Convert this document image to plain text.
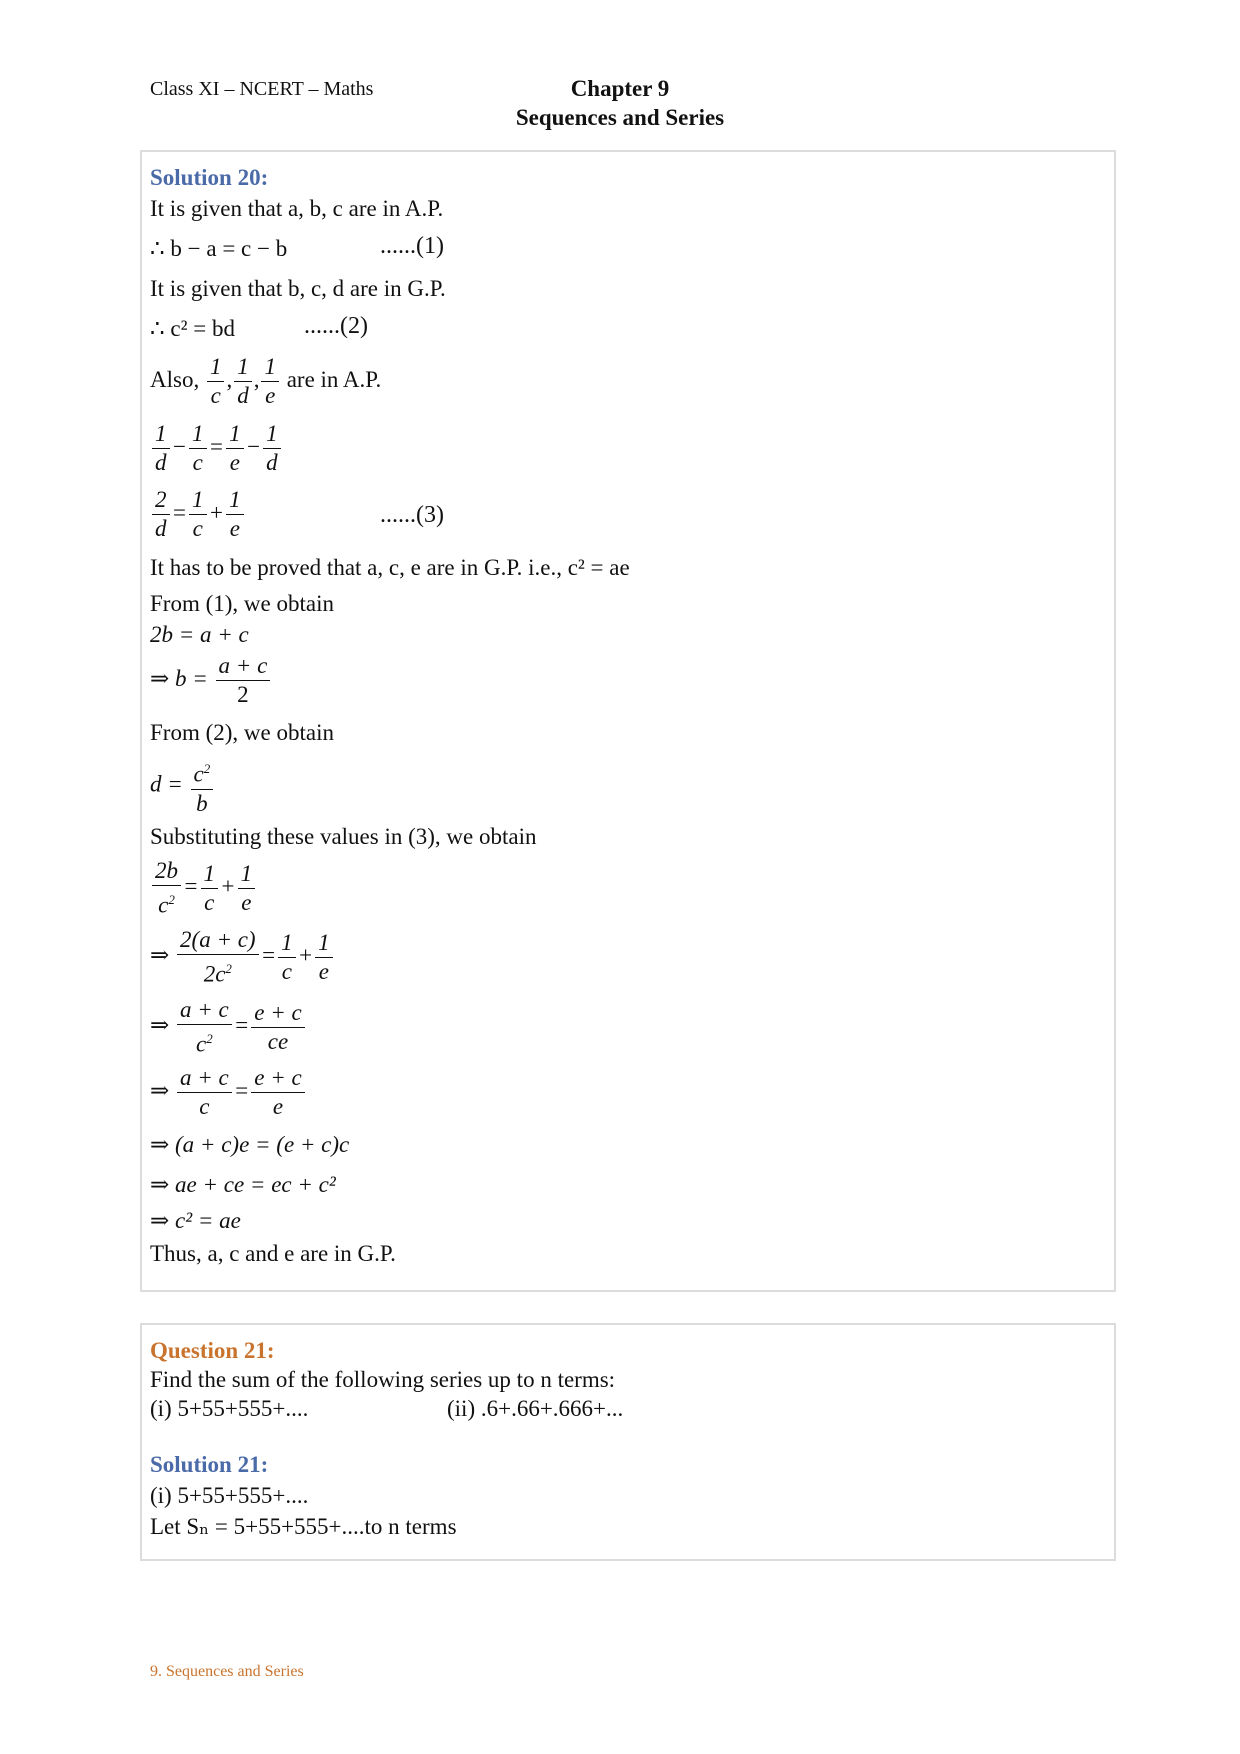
Class XI – NCERT – Maths	Chapter 9
Sequences and Series
Solution 20:
It is given that a, b, c are in A.P.
∴ b − a = c − b	......(1)
It is given that b, c, d are in G.P.
∴ c² = bd	......(2)
Also, $\frac{1}{c}$ , $\frac{1}{d}$ , $\frac{1}{e}$ are in A.P.
$\frac{1}{d} - \frac{1}{c} = \frac{1}{e} - \frac{1}{d}$
$\frac{2}{d} = \frac{1}{c} + \frac{1}{e}$	......(3)
It has to be proved that a, c, e are in G.P. i.e., c² = ae
From (1), we obtain
2b = a + c
⇒ $b = \frac{a + c}{2}$
From (2), we obtain
$d = \frac{c^2}{b}$
Substituting these values in (3), we obtain
$\frac{2b}{c^2} = \frac{1}{c} + \frac{1}{e}$
⇒ $\frac{2(a + c)}{2c^2} = \frac{1}{c} + \frac{1}{e}$
⇒ $\frac{a + c}{c^2} = \frac{e + c}{ce}$
⇒ $\frac{a + c}{c} = \frac{e + c}{e}$
⇒ (a + c)e = (e + c)c
⇒ ae + ce = ec + c²
⇒ c² = ae
Thus, a, c and e are in G.P.
Question 21:
Find the sum of the following series up to n terms:
(i) 5+55+555+....	(ii) .6+.66+.666+...
Solution 21:
(i) 5+55+555+....
Let Sₙ = 5+55+555+....to n terms
9. Sequences and Series
